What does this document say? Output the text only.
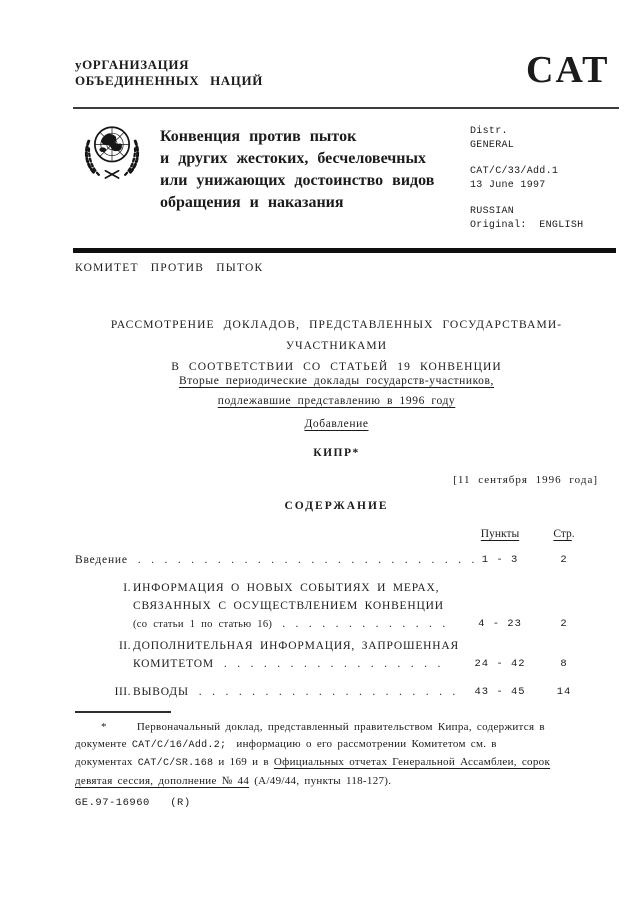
уОРГАНИЗАЦИЯ
ОБЪЕДИНЕННЫХ НАЦИЙ	CAT
Конвенция против пыток
и других жестоких, бесчеловечных
или унижающих достоинство видов
обращения и наказания
Distr.
GENERAL
CAT/C/33/Add.1
13 June 1997
RUSSIAN
Original:  ENGLISH
КОМИТЕТ ПРОТИВ ПЫТОК
РАССМОТРЕНИЕ ДОКЛАДОВ, ПРЕДСТАВЛЕННЫХ ГОСУДАРСТВАМИ-УЧАСТНИКАМИ
В СООТВЕТСТВИИ СО СТАТЬЕЙ 19 КОНВЕНЦИИ
Вторые периодические доклады государств-участников,
подлежавшие представлению в 1996 году
Добавление
КИПР*
[11 сентября 1996 года]
СОДЕРЖАНИЕ
Пункты	Стр.
Введение . . . . . . . . . . . . . . . . . . . . . . . . . . 1 - 3	2
I. ИНФОРМАЦИЯ О НОВЫХ СОБЫТИЯХ И МЕРАХ,
СВЯЗАННЫХ С ОСУЩЕСТВЛЕНИЕМ КОНВЕНЦИИ
(со статьи 1 по статью 16) . . . . . . . . . . . . .	4 - 23	2
II. ДОПОЛНИТЕЛЬНАЯ ИНФОРМАЦИЯ, ЗАПРОШЕННАЯ
КОМИТЕТОМ . . . . . . . . . . . . . . . . .	24 - 42	8
III. ВЫВОДЫ . . . . . . . . . . . . . . . . . . . .	43 - 45	14
*	Первоначальный доклад, представленный правительством Кипра, содержится в
документе CAT/C/16/Add.2;  информацию о его рассмотрении Комитетом см. в
документах CAT/C/SR.168 и 169 и в Официальных отчетах Генеральной Ассамблеи, сорок
девятая сессия, дополнение № 44 (A/49/44, пункты 118-127).
GE.97-16960   (R)
